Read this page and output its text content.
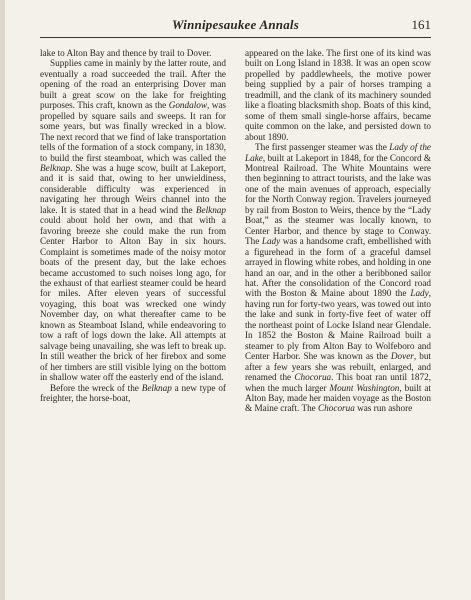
Winnipesaukee Annals	161

lake to Alton Bay and thence by trail to Dover.

Supplies came in mainly by the latter route, and eventually a road succeeded the trail. After the opening of the road an enterprising Dover man built a great scow on the lake for freighting purposes. This craft, known as the Gondalow, was propelled by square sails and sweeps. It ran for some years, but was finally wrecked in a blow. The next record that we find of lake transportation tells of the formation of a stock company, in 1830, to build the first steamboat, which was called the Belknap. She was a huge scow, built at Lakeport, and it is said that, owing to her unwieldiness, considerable difficulty was experienced in navigating her through Weirs channel into the lake. It is stated that in a head wind the Belknap could about hold her own, and that with a favoring breeze she could make the run from Center Harbor to Alton Bay in six hours. Complaint is sometimes made of the noisy motor boats of the present day, but the lake echoes became accustomed to such noises long ago, for the exhaust of that earliest steamer could be heard for miles. After eleven years of successful voyaging, this boat was wrecked one windy November day, on what thereafter came to be known as Steamboat Island, while endeavoring to tow a raft of logs down the lake. All attempts at salvage being unavailing, she was left to break up. In still weather the brick of her firebox and some of her timbers are still visible lying on the bottom in shallow water off the easterly end of the island.

Before the wreck of the Belknap a new type of freighter, the horse-boat,

appeared on the lake. The first one of its kind was built on Long Island in 1838. It was an open scow propelled by paddlewheels, the motive power being supplied by a pair of horses tramping a treadmill, and the clank of its machinery sounded like a floating blacksmith shop. Boats of this kind, some of them small single-horse affairs, became quite common on the lake, and persisted down to about 1890.

The first passenger steamer was the Lady of the Lake, built at Lakeport in 1848, for the Concord & Montreal Railroad. The White Mountains were then beginning to attract tourists, and the lake was one of the main avenues of approach, especially for the North Conway region. Travelers journeyed by rail from Boston to Weirs, thence by the “Lady Boat,” as the steamer was locally known, to Center Harbor, and thence by stage to Conway. The Lady was a handsome craft, embellished with a figurehead in the form of a graceful damsel arrayed in flowing white robes, and holding in one hand an oar, and in the other a beribboned sailor hat. After the consolidation of the Concord road with the Boston & Maine about 1890 the Lady, having run for forty-two years, was towed out into the lake and sunk in forty-five feet of water off the northeast point of Locke Island near Glendale. In 1852 the Boston & Maine Railroad built a steamer to ply from Alton Bay to Wolfeboro and Center Harbor. She was known as the Dover, but after a few years she was rebuilt, enlarged, and renamed the Chocorua. This boat ran until 1872, when the much larger Mount Washington, built at Alton Bay, made her maiden voyage as the Boston & Maine craft. The Chocorua was run ashore
